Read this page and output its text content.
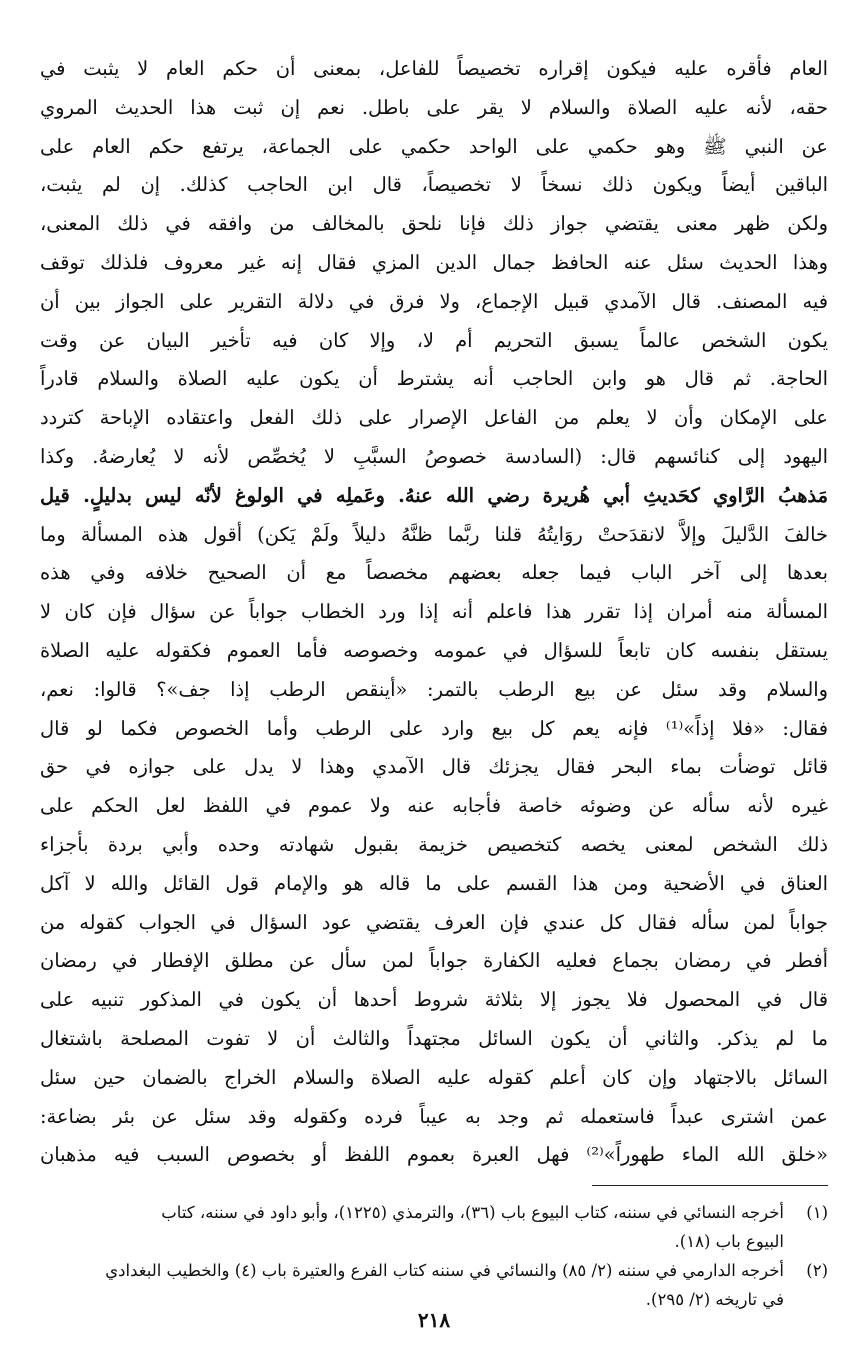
العام فأقره عليه فيكون إقراره تخصيصاً للفاعل، بمعنى أن حكم العام لا يثبت في
حقه، لأنه عليه الصلاة والسلام لا يقر على باطل. نعم إن ثبت هذا الحديث المروي
عن النبي ﷺ وهو حكمي على الواحد حكمي على الجماعة، يرتفع حكم العام على
الباقين أيضاً ويكون ذلك نسخاً لا تخصيصاً، قال ابن الحاجب كذلك. إن لم يثبت،
ولكن ظهر معنى يقتضي جواز ذلك فإنا نلحق بالمخالف من وافقه في ذلك المعنى،
وهذا الحديث سئل عنه الحافظ جمال الدين المزي فقال إنه غير معروف فلذلك توقف
فيه المصنف. قال الآمدي قبيل الإجماع، ولا فرق في دلالة التقرير على الجواز بين أن
يكون الشخص عالماً يسبق التحريم أم لا، وإلا كان فيه تأخير البيان عن وقت
الحاجة. ثم قال هو وابن الحاجب أنه يشترط أن يكون عليه الصلاة والسلام قادراً
على الإمكان وأن لا يعلم من الفاعل الإصرار على ذلك الفعل واعتقاده الإباحة كتردد
اليهود إلى كنائسهم قال: (السادسة خصوصُ السبَّبِ لا يُخصِّص لأنه لا يُعارضهُ. وكذا
مَذهبُ الرَّاوي كحَديثِ أبي هُريرة رضي الله عنهُ. وعَملِه في الولوغ لأنّه ليس بدليلٍ. قيل
خالفَ الدَّليلَ وإلاَّ لانقدَحتْ روَايتُهُ قلنا ربَّما ظنَّهُ دليلاً ولَمْ يَكن) أقول هذه المسألة وما
بعدها إلى آخر الباب فيما جعله بعضهم مخصصاً مع أن الصحيح خلافه وفي هذه
المسألة منه أمران إذا تقرر هذا فاعلم أنه إذا ورد الخطاب جواباً عن سؤال فإن كان لا
يستقل بنفسه كان تابعاً للسؤال في عمومه وخصوصه فأما العموم فكقوله عليه الصلاة
والسلام وقد سئل عن بيع الرطب بالتمر: «أينقص الرطب إذا جف»؟ قالوا: نعم،
فقال: «فلا إذاً»⁽¹⁾ فإنه يعم كل بيع وارد على الرطب وأما الخصوص فكما لو قال
قائل توضأت بماء البحر فقال يجزئك قال الآمدي وهذا لا يدل على جوازه في حق
غيره لأنه سأله عن وضوئه خاصة فأجابه عنه ولا عموم في اللفظ لعل الحكم على
ذلك الشخص لمعنى يخصه كتخصيص خزيمة بقبول شهادته وحده وأبي بردة بأجزاء
العناق في الأضحية ومن هذا القسم على ما قاله هو والإمام قول القائل والله لا آكل
جواباً لمن سأله فقال كل عندي فإن العرف يقتضي عود السؤال في الجواب كقوله من
أفطر في رمضان بجماع فعليه الكفارة جواباً لمن سأل عن مطلق الإفطار في رمضان
قال في المحصول فلا يجوز إلا بثلاثة شروط أحدها أن يكون في المذكور تنبيه على
ما لم يذكر. والثاني أن يكون السائل مجتهداً والثالث أن لا تفوت المصلحة باشتغال
السائل بالاجتهاد وإن كان أعلم كقوله عليه الصلاة والسلام الخراج بالضمان حين سئل
عمن اشترى عبداً فاستعمله ثم وجد به عيباً فرده وكقوله وقد سئل عن بئر بضاعة:
«خلق الله الماء طهوراً»⁽²⁾ فهل العبرة بعموم اللفظ أو بخصوص السبب فيه مذهبان
(١)
أخرجه النسائي في سننه، كتاب البيوع باب (٣٦)، والترمذي (١٢٢٥)، وأبو داود في سننه، كتاب
البيوع باب (١٨).
(٢)
أخرجه الدارمي في سننه (٢/ ٨٥) والنسائي في سننه كتاب الفرع والعتيرة باب (٤) والخطيب البغدادي
في تاريخه (٢/ ٢٩٥).
٢١٨
